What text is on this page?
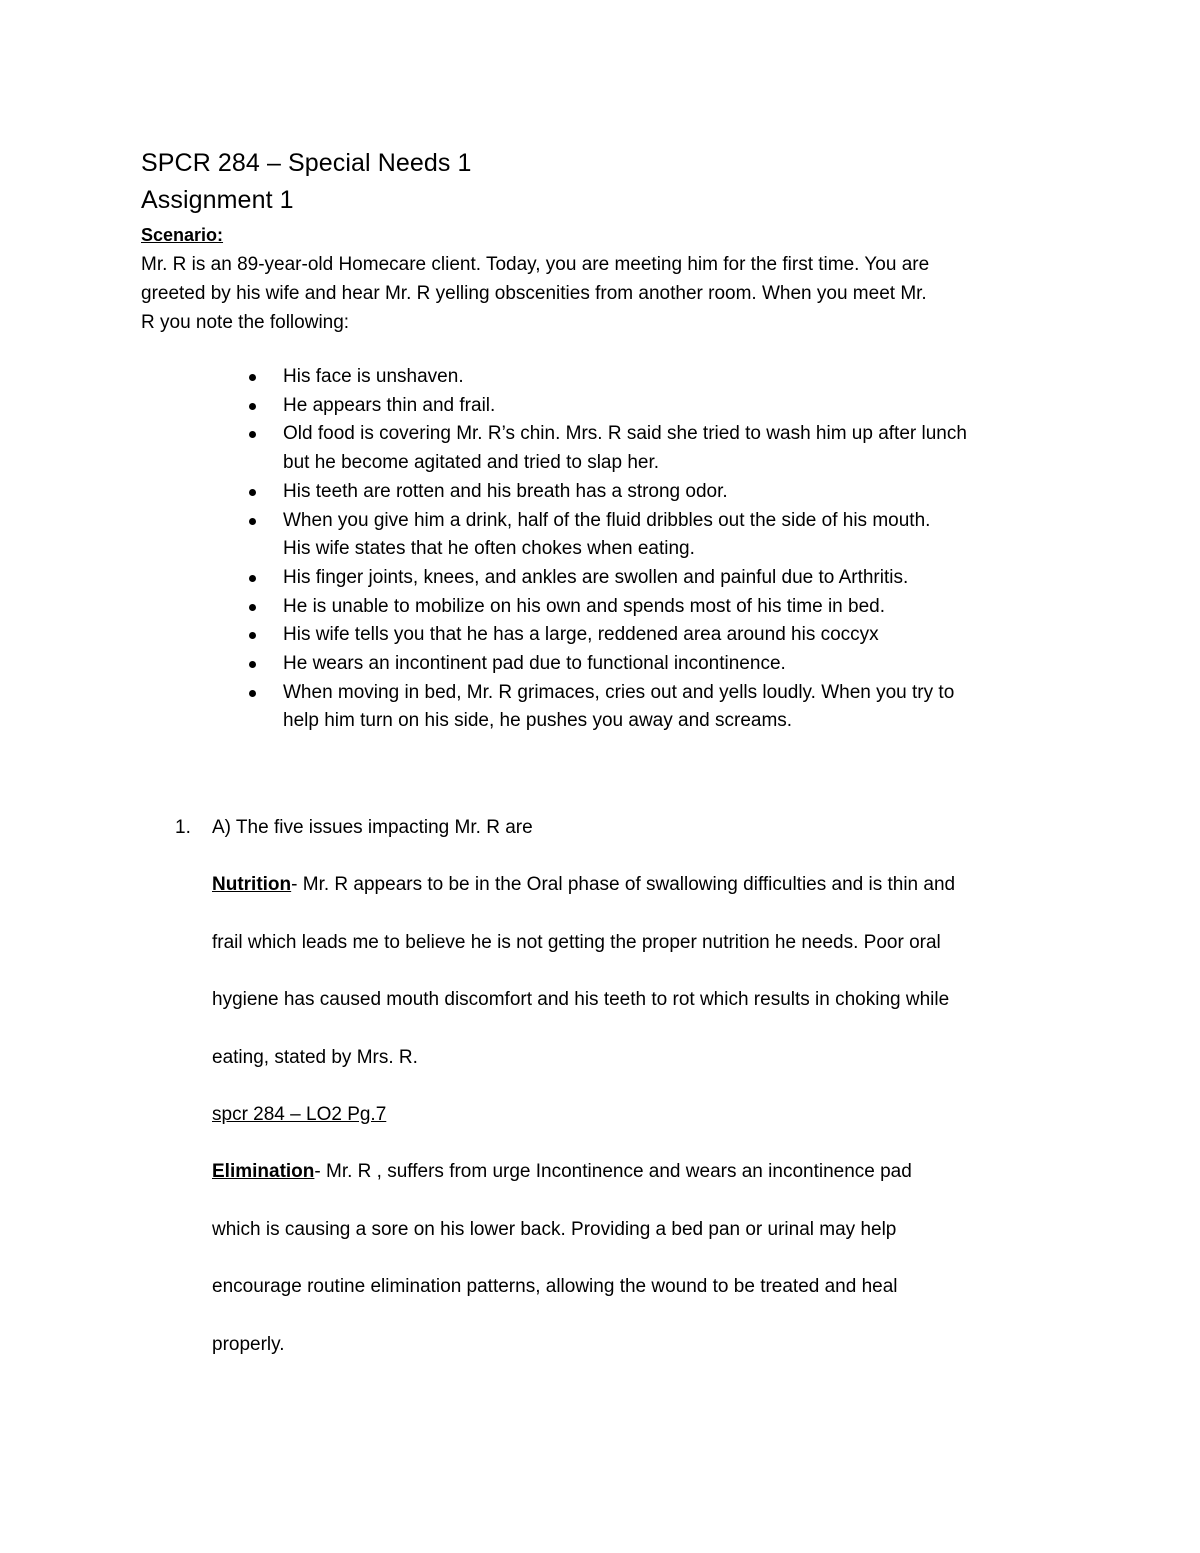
SPCR 284 – Special Needs 1
Assignment 1
Scenario:
Mr. R is an 89-year-old Homecare client. Today, you are meeting him for the first time. You are
greeted by his wife and hear Mr. R yelling obscenities from another room. When you meet Mr.
R you note the following:
His face is unshaven.
He appears thin and frail.
Old food is covering Mr. R’s chin. Mrs. R said she tried to wash him up after lunch
but he become agitated and tried to slap her.
His teeth are rotten and his breath has a strong odor.
When you give him a drink, half of the fluid dribbles out the side of his mouth.
His wife states that he often chokes when eating.
His finger joints, knees, and ankles are swollen and painful due to Arthritis.
He is unable to mobilize on his own and spends most of his time in bed.
His wife tells you that he has a large, reddened area around his coccyx
He wears an incontinent pad due to functional incontinence.
When moving in bed, Mr. R grimaces, cries out and yells loudly. When you try to
help him turn on his side, he pushes you away and screams.
1. A) The five issues impacting Mr. R are
Nutrition- Mr. R appears to be in the Oral phase of swallowing difficulties and is thin and
frail which leads me to believe he is not getting the proper nutrition he needs. Poor oral
hygiene has caused mouth discomfort and his teeth to rot which results in choking while
eating, stated by Mrs. R.
spcr 284 – LO2 Pg.7
Elimination- Mr. R , suffers from urge Incontinence and wears an incontinence pad
which is causing a sore on his lower back. Providing a bed pan or urinal may help
encourage routine elimination patterns, allowing the wound to be treated and heal
properly.
